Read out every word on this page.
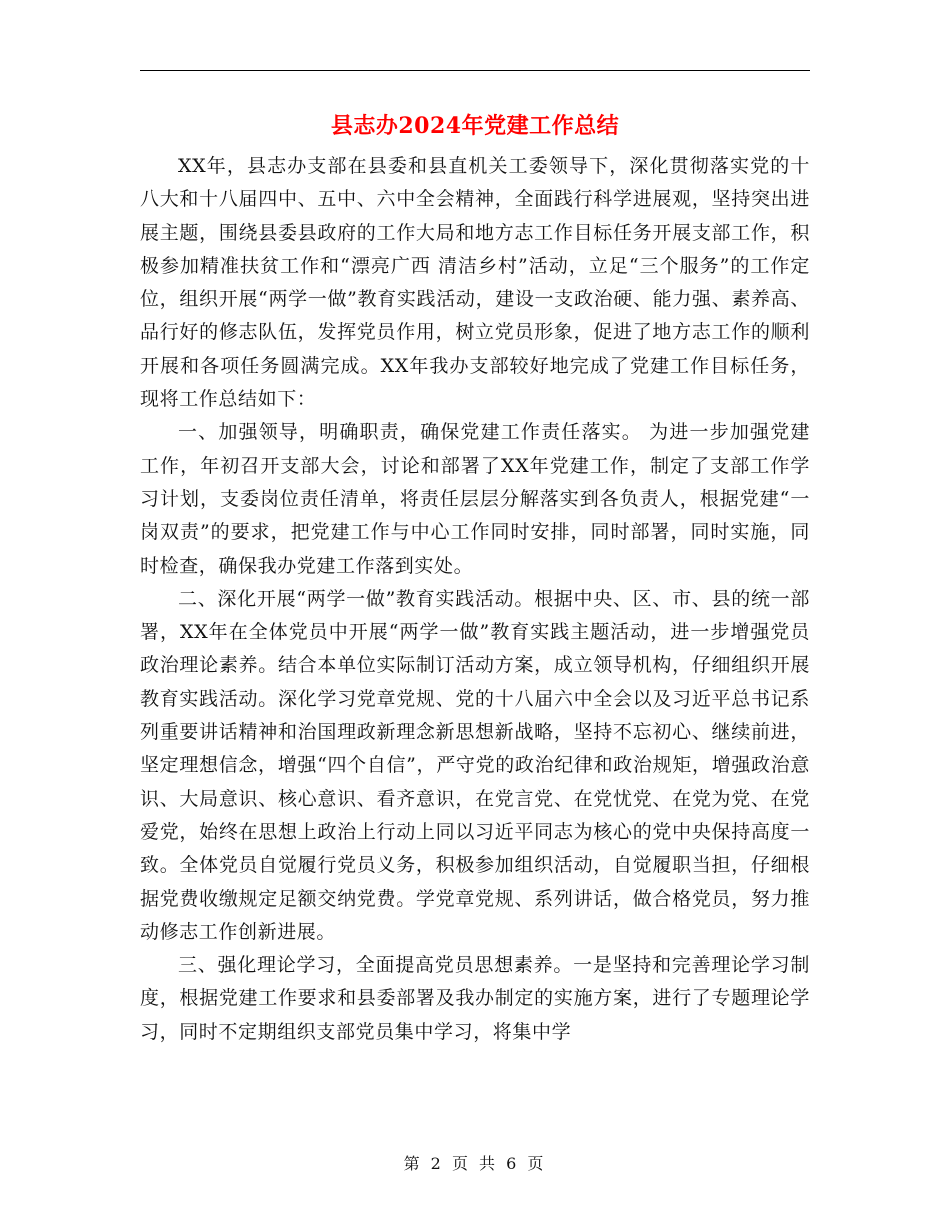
县志办2024年党建工作总结

XX年，县志办支部在县委和县直机关工委领导下，深化贯彻落实党的十八大和十八届四中、五中、六中全会精神，全面践行科学进展观，坚持突出进展主题，围绕县委县政府的工作大局和地方志工作目标任务开展支部工作，积极参加精准扶贫工作和“漂亮广西 清洁乡村”活动，立足“三个服务”的工作定位，组织开展“两学一做”教育实践活动，建设一支政治硬、能力强、素养高、品行好的修志队伍，发挥党员作用，树立党员形象，促进了地方志工作的顺利开展和各项任务圆满完成。XX年我办支部较好地完成了党建工作目标任务，现将工作总结如下：

一、加强领导，明确职责，确保党建工作责任落实。 为进一步加强党建工作，年初召开支部大会，讨论和部署了XX年党建工作，制定了支部工作学习计划，支委岗位责任清单，将责任层层分解落实到各负责人，根据党建“一岗双责”的要求，把党建工作与中心工作同时安排，同时部署，同时实施，同时检查，确保我办党建工作落到实处。

二、深化开展“两学一做”教育实践活动。根据中央、区、市、县的统一部署，XX年在全体党员中开展“两学一做”教育实践主题活动，进一步增强党员政治理论素养。结合本单位实际制订活动方案，成立领导机构，仔细组织开展教育实践活动。深化学习党章党规、党的十八届六中全会以及习近平总书记系列重要讲话精神和治国理政新理念新思想新战略，坚持不忘初心、继续前进，坚定理想信念，增强“四个自信”，严守党的政治纪律和政治规矩，增强政治意识、大局意识、核心意识、看齐意识，在党言党、在党忧党、在党为党、在党爱党，始终在思想上政治上行动上同以习近平同志为核心的党中央保持高度一致。全体党员自觉履行党员义务，积极参加组织活动，自觉履职当担，仔细根据党费收缴规定足额交纳党费。学党章党规、系列讲话，做合格党员，努力推动修志工作创新进展。

三、强化理论学习，全面提高党员思想素养。一是坚持和完善理论学习制度，根据党建工作要求和县委部署及我办制定的实施方案，进行了专题理论学习，同时不定期组织支部党员集中学习，将集中学

第 2 页 共 6 页
